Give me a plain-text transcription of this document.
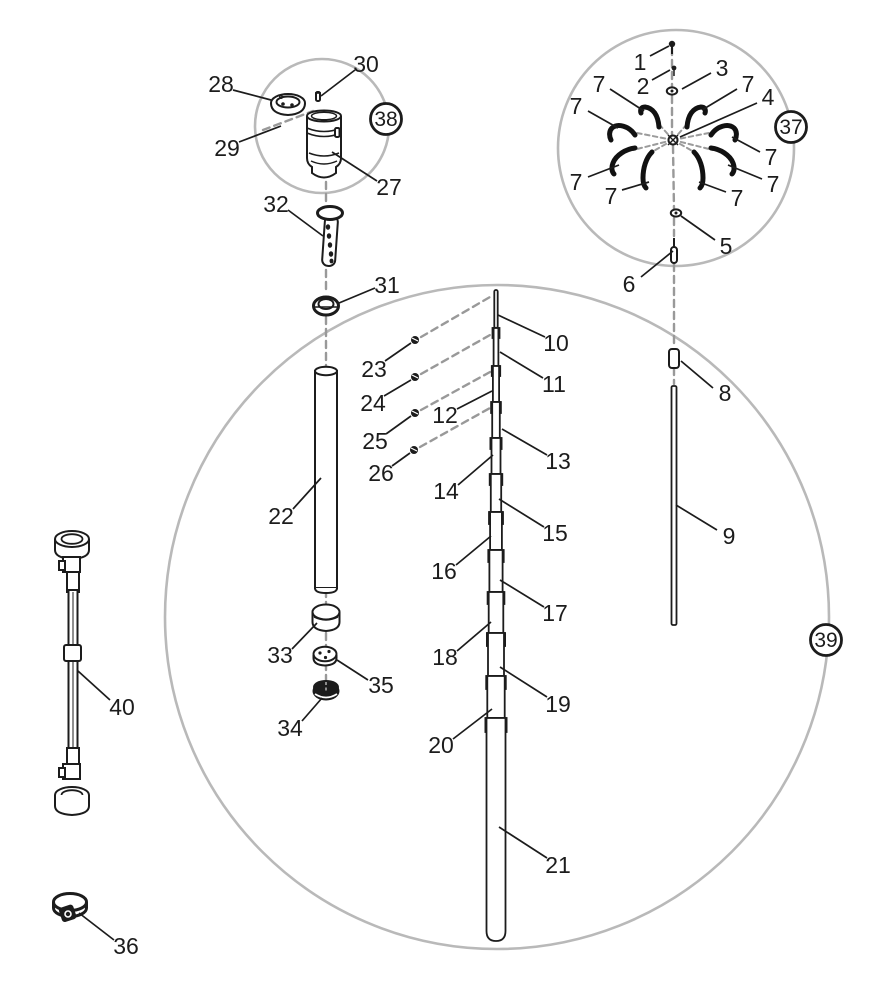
1
2
3
4
7
7
7
7
7
7
7	7
5
6
30
28
29
27
32
31
23
24
25
26
10
11
12
13
14
15
16
17
18
19
20
21
22
33
35
34
8
9
40
36
38	37
39
